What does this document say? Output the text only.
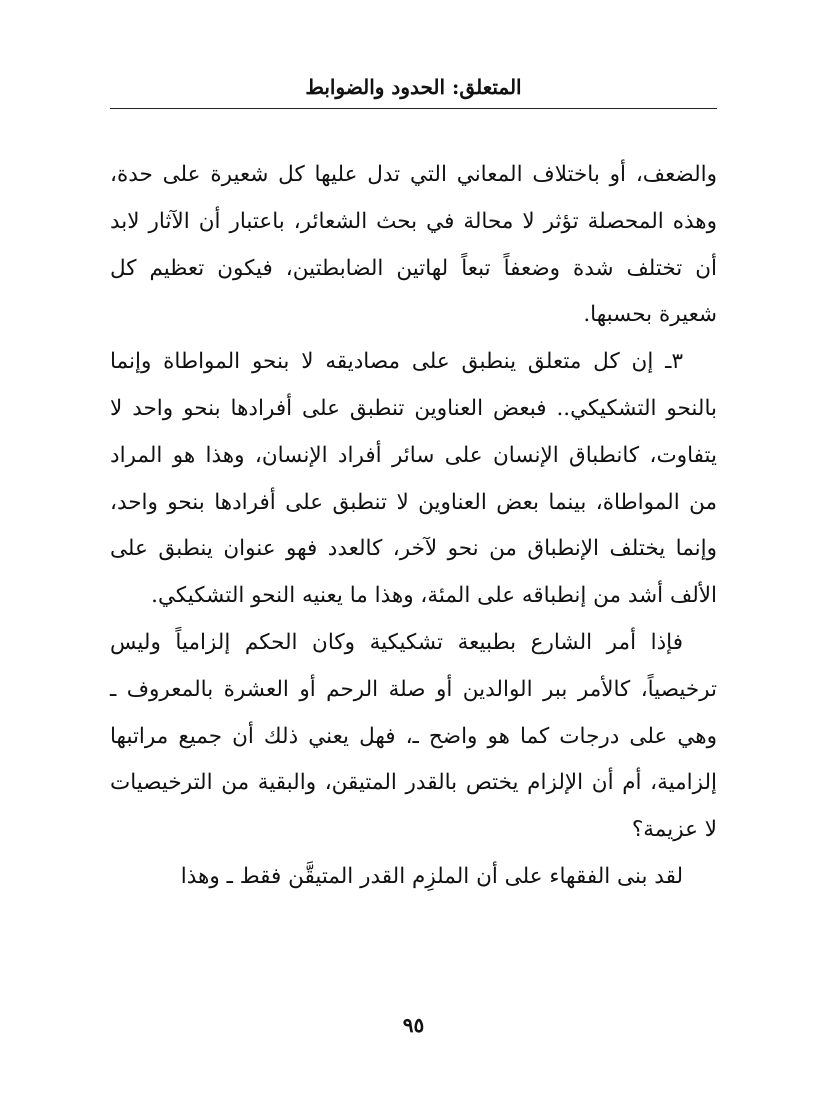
المتعلق: الحدود والضوابط

والضعف، أو باختلاف المعاني التي تدل عليها كل شعيرة على حدة، وهذه المحصلة تؤثر لا محالة في بحث الشعائر، باعتبار أن الآثار لابد أن تختلف شدة وضعفاً تبعاً لهاتين الضابطتين، فيكون تعظيم كل شعيرة بحسبها.

٣ـ إن كل متعلق ينطبق على مصاديقه لا بنحو المواطاة وإنما بالنحو التشكيكي.. فبعض العناوين تنطبق على أفرادها بنحو واحد لا يتفاوت، كانطباق الإنسان على سائر أفراد الإنسان، وهذا هو المراد من المواطاة، بينما بعض العناوين لا تنطبق على أفرادها بنحو واحد، وإنما يختلف الإنطباق من نحو لآخر، كالعدد فهو عنوان ينطبق على الألف أشد من إنطباقه على المئة، وهذا ما يعنيه النحو التشكيكي.

فإذا أمر الشارع بطبيعة تشكيكية وكان الحكم إلزامياً وليس ترخيصياً، كالأمر ببر الوالدين أو صلة الرحم أو العشرة بالمعروف ـ وهي على درجات كما هو واضح ـ، فهل يعني ذلك أن جميع مراتبها إلزامية، أم أن الإلزام يختص بالقدر المتيقن، والبقية من الترخيصيات لا عزيمة؟

لقد بنى الفقهاء على أن الملزِم القدر المتيقَّن فقط ـ وهذا

٩٥
